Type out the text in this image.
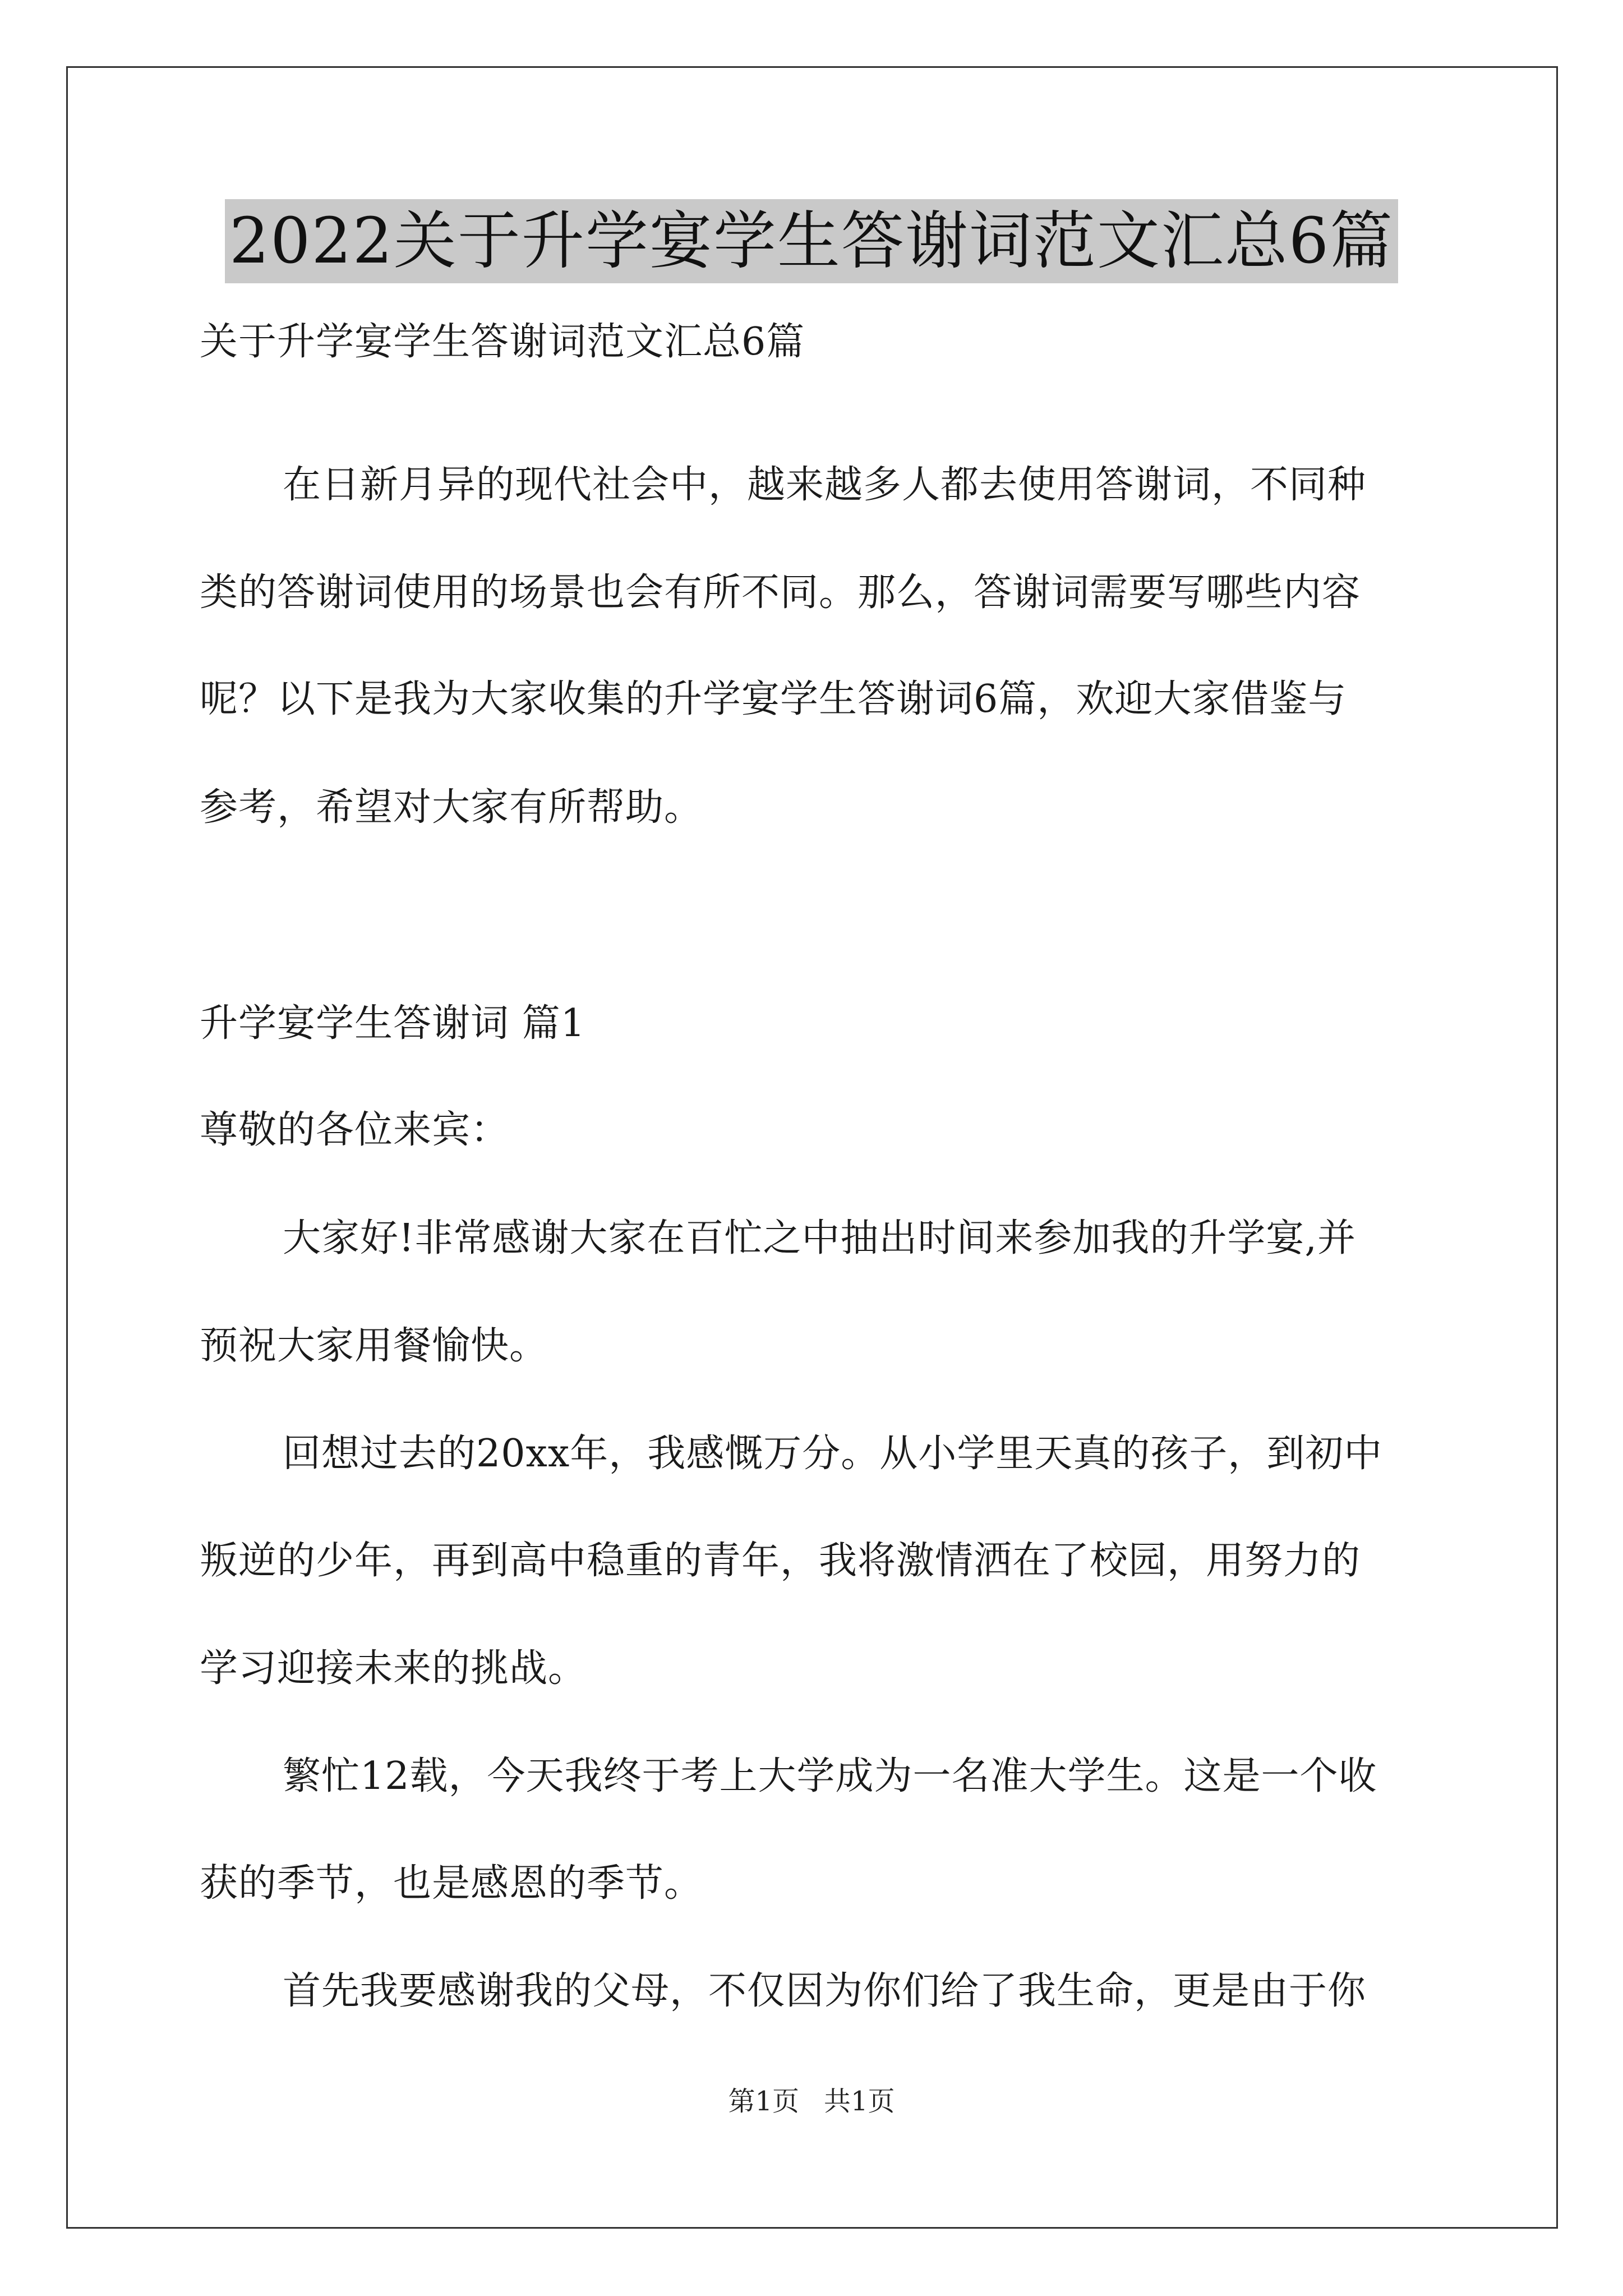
2022关于升学宴学生答谢词范文汇总6篇
关于升学宴学生答谢词范文汇总6篇
在日新月异的现代社会中，越来越多人都去使用答谢词，不同种
类的答谢词使用的场景也会有所不同。那么，答谢词需要写哪些内容
呢？以下是我为大家收集的升学宴学生答谢词6篇，欢迎大家借鉴与
参考，希望对大家有所帮助。
升学宴学生答谢词 篇1
尊敬的各位来宾：
大家好!非常感谢大家在百忙之中抽出时间来参加我的升学宴,并
预祝大家用餐愉快。
回想过去的20xx年，我感慨万分。从小学里天真的孩子，到初中
叛逆的少年，再到高中稳重的青年，我将激情洒在了校园，用努力的
学习迎接未来的挑战。
繁忙12载，今天我终于考上大学成为一名准大学生。这是一个收
获的季节，也是感恩的季节。
首先我要感谢我的父母，不仅因为你们给了我生命，更是由于你
第1页 共1页
